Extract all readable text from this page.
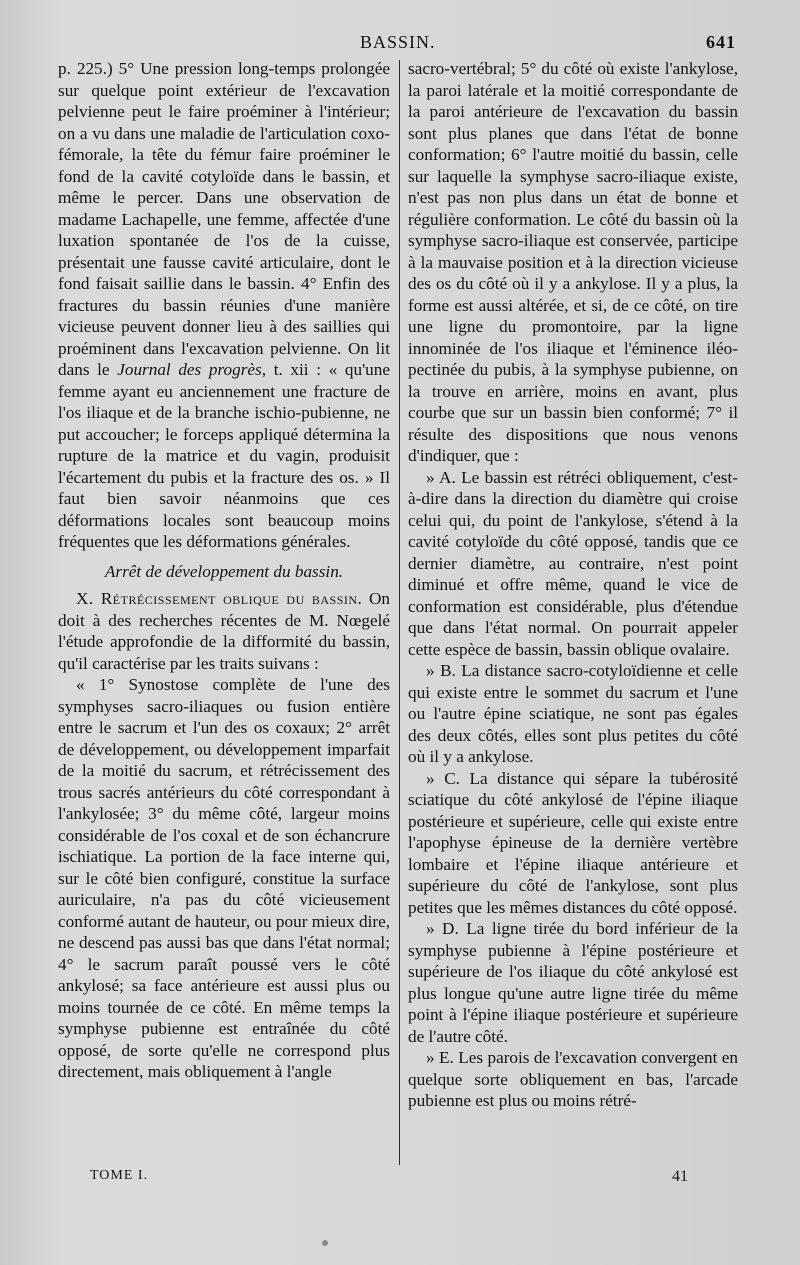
BASSIN.	641

p. 225.) 5° Une pression long-temps prolongée sur quelque point extérieur de l'excavation pelvienne peut le faire proéminer à l'intérieur; on a vu dans une maladie de l'articulation coxo-fémorale, la tête du fémur faire proéminer le fond de la cavité cotyloïde dans le bassin, et même le percer. Dans une observation de madame Lachapelle, une femme, affectée d'une luxation spontanée de l'os de la cuisse, présentait une fausse cavité articulaire, dont le fond faisait saillie dans le bassin. 4° Enfin des fractures du bassin réunies d'une manière vicieuse peuvent donner lieu à des saillies qui proéminent dans l'excavation pelvienne. On lit dans le Journal des progrès, t. xii : « qu'une femme ayant eu anciennement une fracture de l'os iliaque et de la branche ischio-pubienne, ne put accoucher; le forceps appliqué détermina la rupture de la matrice et du vagin, produisit l'écartement du pubis et la fracture des os. » Il faut bien savoir néanmoins que ces déformations locales sont beaucoup moins fréquentes que les déformations générales.

Arrêt de développement du bassin.

X. Rétrécissement oblique du bassin. On doit à des recherches récentes de M. Nœgelé l'étude approfondie de la difformité du bassin, qu'il caractérise par les traits suivans :

« 1° Synostose complète de l'une des symphyses sacro-iliaques ou fusion entière entre le sacrum et l'un des os coxaux; 2° arrêt de développement, ou développement imparfait de la moitié du sacrum, et rétrécissement des trous sacrés antérieurs du côté correspondant à l'ankylosée; 3° du même côté, largeur moins considérable de l'os coxal et de son échancrure ischiatique. La portion de la face interne qui, sur le côté bien configuré, constitue la surface auriculaire, n'a pas du côté vicieusement conformé autant de hauteur, ou pour mieux dire, ne descend pas aussi bas que dans l'état normal; 4° le sacrum paraît poussé vers le côté ankylosé; sa face antérieure est aussi plus ou moins tournée de ce côté. En même temps la symphyse pubienne est entraînée du côté opposé, de sorte qu'elle ne correspond plus directement, mais obliquement à l'angle

sacro-vertébral; 5° du côté où existe l'ankylose, la paroi latérale et la moitié correspondante de la paroi antérieure de l'excavation du bassin sont plus planes que dans l'état de bonne conformation; 6° l'autre moitié du bassin, celle sur laquelle la symphyse sacro-iliaque existe, n'est pas non plus dans un état de bonne et régulière conformation. Le côté du bassin où la symphyse sacro-iliaque est conservée, participe à la mauvaise position et à la direction vicieuse des os du côté où il y a ankylose. Il y a plus, la forme est aussi altérée, et si, de ce côté, on tire une ligne du promontoire, par la ligne innominée de l'os iliaque et l'éminence iléo-pectinée du pubis, à la symphyse pubienne, on la trouve en arrière, moins en avant, plus courbe que sur un bassin bien conformé; 7° il résulte des dispositions que nous venons d'indiquer, que :

» A. Le bassin est rétréci obliquement, c'est-à-dire dans la direction du diamètre qui croise celui qui, du point de l'ankylose, s'étend à la cavité cotyloïde du côté opposé, tandis que ce dernier diamètre, au contraire, n'est point diminué et offre même, quand le vice de conformation est considérable, plus d'étendue que dans l'état normal. On pourrait appeler cette espèce de bassin, bassin oblique ovalaire.

» B. La distance sacro-cotyloïdienne et celle qui existe entre le sommet du sacrum et l'une ou l'autre épine sciatique, ne sont pas égales des deux côtés, elles sont plus petites du côté où il y a ankylose.

» C. La distance qui sépare la tubérosité sciatique du côté ankylosé de l'épine iliaque postérieure et supérieure, celle qui existe entre l'apophyse épineuse de la dernière vertèbre lombaire et l'épine iliaque antérieure et supérieure du côté de l'ankylose, sont plus petites que les mêmes distances du côté opposé.

» D. La ligne tirée du bord inférieur de la symphyse pubienne à l'épine postérieure et supérieure de l'os iliaque du côté ankylosé est plus longue qu'une autre ligne tirée du même point à l'épine iliaque postérieure et supérieure de l'autre côté.

» E. Les parois de l'excavation convergent en quelque sorte obliquement en bas, l'arcade pubienne est plus ou moins rétré-

TOME I.	41
